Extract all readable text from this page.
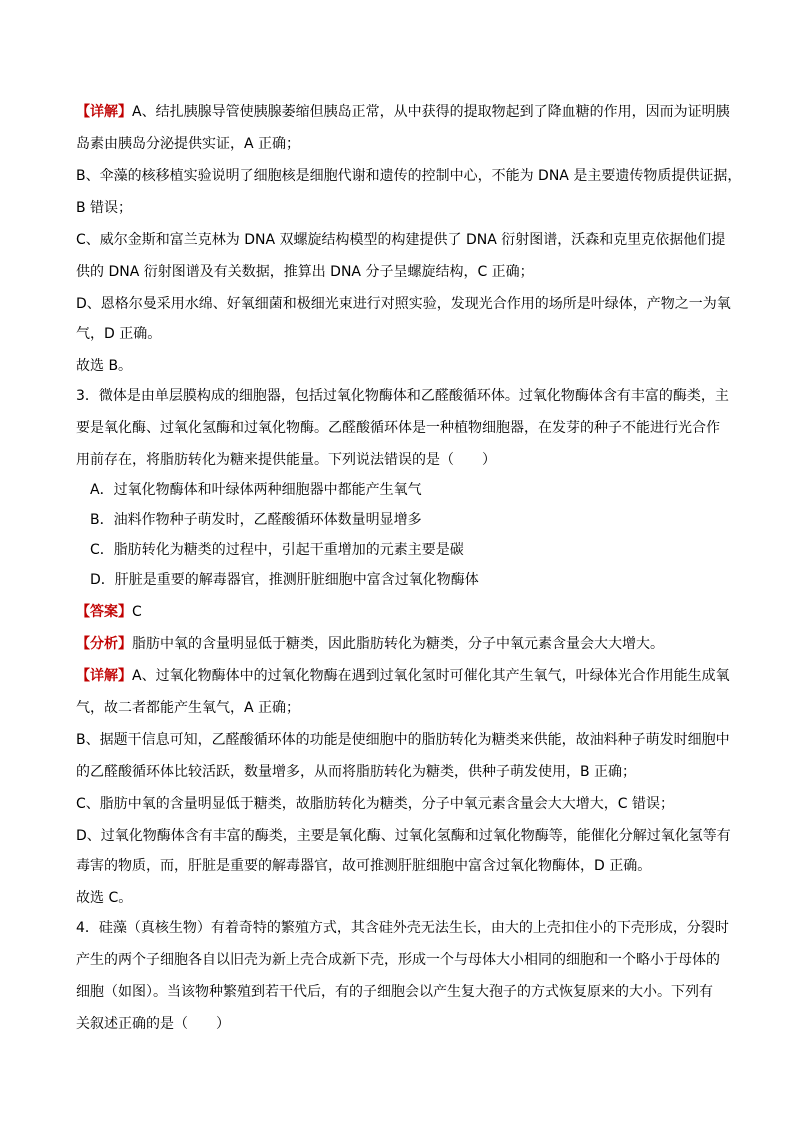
【详解】A、结扎胰腺导管使胰腺萎缩但胰岛正常，从中获得的提取物起到了降血糖的作用，因而为证明胰
岛素由胰岛分泌提供实证，A 正确；
B、伞藻的核移植实验说明了细胞核是细胞代谢和遗传的控制中心，不能为 DNA 是主要遗传物质提供证据，
B 错误；
C、威尔金斯和富兰克林为 DNA 双螺旋结构模型的构建提供了 DNA 衍射图谱，沃森和克里克依据他们提
供的 DNA 衍射图谱及有关数据，推算出 DNA 分子呈螺旋结构，C 正确；
D、恩格尔曼采用水绵、好氧细菌和极细光束进行对照实验，发现光合作用的场所是叶绿体，产物之一为氧
气，D 正确。
故选 B。
3．微体是由单层膜构成的细胞器，包括过氧化物酶体和乙醛酸循环体。过氧化物酶体含有丰富的酶类，主
要是氧化酶、过氧化氢酶和过氧化物酶。乙醛酸循环体是一种植物细胞器，在发芽的种子不能进行光合作
用前存在，将脂肪转化为糖来提供能量。下列说法错误的是（　　）
A．过氧化物酶体和叶绿体两种细胞器中都能产生氧气
B．油料作物种子萌发时，乙醛酸循环体数量明显增多
C．脂肪转化为糖类的过程中，引起干重增加的元素主要是碳
D．肝脏是重要的解毒器官，推测肝脏细胞中富含过氧化物酶体
【答案】C
【分析】脂肪中氧的含量明显低于糖类，因此脂肪转化为糖类，分子中氧元素含量会大大增大。
【详解】A、过氧化物酶体中的过氧化物酶在遇到过氧化氢时可催化其产生氧气，叶绿体光合作用能生成氧
气，故二者都能产生氧气，A 正确；
B、据题干信息可知，乙醛酸循环体的功能是使细胞中的脂肪转化为糖类来供能，故油料种子萌发时细胞中
的乙醛酸循环体比较活跃，数量增多，从而将脂肪转化为糖类，供种子萌发使用，B 正确；
C、脂肪中氧的含量明显低于糖类，故脂肪转化为糖类，分子中氧元素含量会大大增大，C 错误；
D、过氧化物酶体含有丰富的酶类，主要是氧化酶、过氧化氢酶和过氧化物酶等，能催化分解过氧化氢等有
毒害的物质，而，肝脏是重要的解毒器官，故可推测肝脏细胞中富含过氧化物酶体，D 正确。
故选 C。
4．硅藻（真核生物）有着奇特的繁殖方式，其含硅外壳无法生长，由大的上壳扣住小的下壳形成，分裂时
产生的两个子细胞各自以旧壳为新上壳合成新下壳，形成一个与母体大小相同的细胞和一个略小于母体的
细胞（如图）。当该物种繁殖到若干代后，有的子细胞会以产生复大孢子的方式恢复原来的大小。下列有
关叙述正确的是（　　）
